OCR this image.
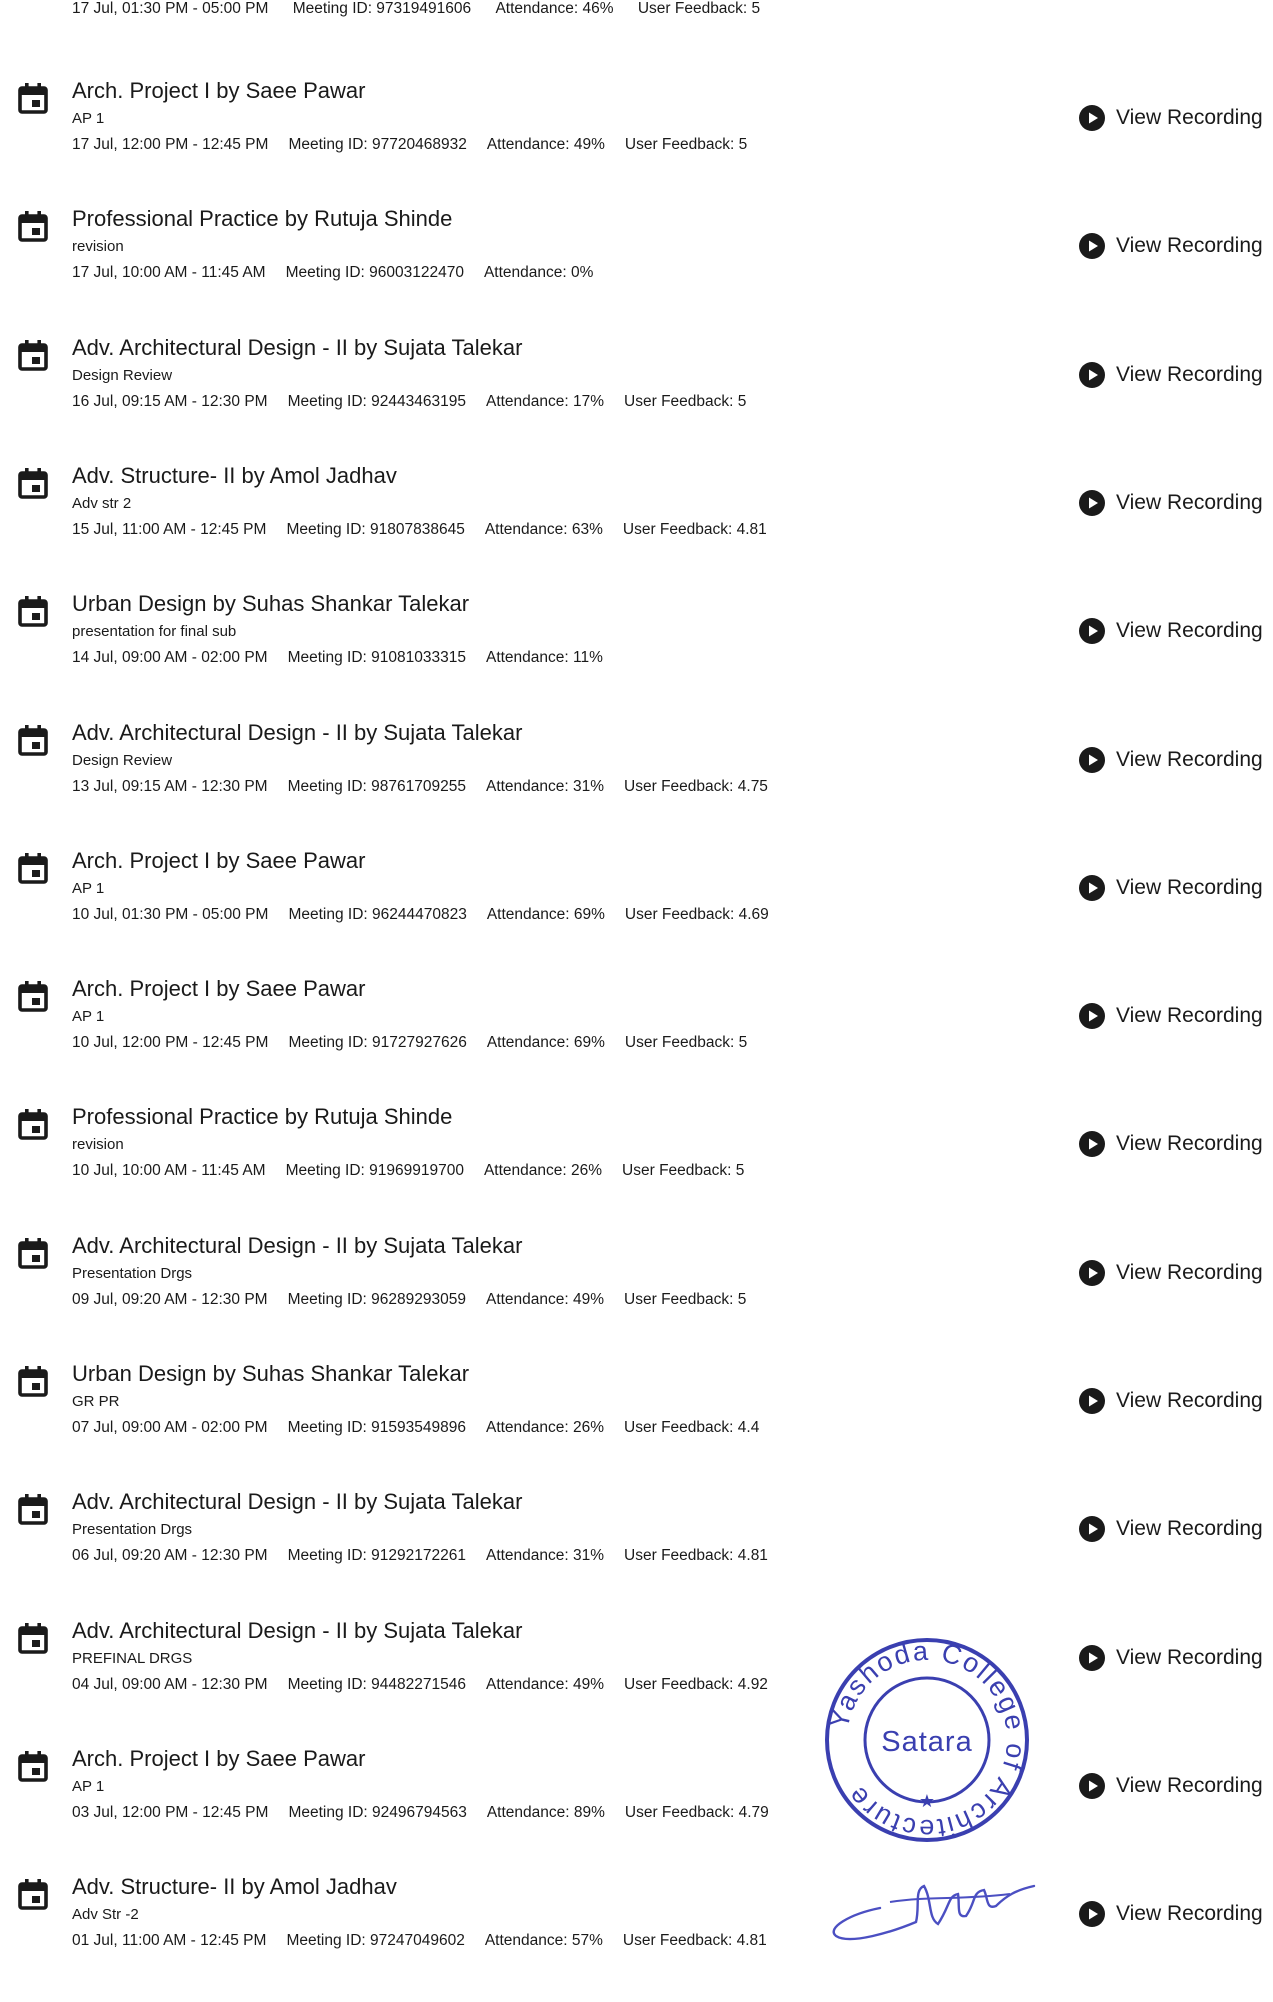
17 Jul, 01:30 PM - 05:00 PM Meeting ID: 97319491606 Attendance: 46% User Feedback: 5
Arch. Project I by Saee Pawar
AP 1
17 Jul, 12:00 PM - 12:45 PM Meeting ID: 97720468932 Attendance: 49% User Feedback: 5
View Recording
Professional Practice by Rutuja Shinde
revision
17 Jul, 10:00 AM - 11:45 AM Meeting ID: 96003122470 Attendance: 0%
View Recording
Adv. Architectural Design - II by Sujata Talekar
Design Review
16 Jul, 09:15 AM - 12:30 PM Meeting ID: 92443463195 Attendance: 17% User Feedback: 5
View Recording
Adv. Structure- II by Amol Jadhav
Adv str 2
15 Jul, 11:00 AM - 12:45 PM Meeting ID: 91807838645 Attendance: 63% User Feedback: 4.81
View Recording
Urban Design by Suhas Shankar Talekar
presentation for final sub
14 Jul, 09:00 AM - 02:00 PM Meeting ID: 91081033315 Attendance: 11%
View Recording
Adv. Architectural Design - II by Sujata Talekar
Design Review
13 Jul, 09:15 AM - 12:30 PM Meeting ID: 98761709255 Attendance: 31% User Feedback: 4.75
View Recording
Arch. Project I by Saee Pawar
AP 1
10 Jul, 01:30 PM - 05:00 PM Meeting ID: 96244470823 Attendance: 69% User Feedback: 4.69
View Recording
Arch. Project I by Saee Pawar
AP 1
10 Jul, 12:00 PM - 12:45 PM Meeting ID: 91727927626 Attendance: 69% User Feedback: 5
View Recording
Professional Practice by Rutuja Shinde
revision
10 Jul, 10:00 AM - 11:45 AM Meeting ID: 91969919700 Attendance: 26% User Feedback: 5
View Recording
Adv. Architectural Design - II by Sujata Talekar
Presentation Drgs
09 Jul, 09:20 AM - 12:30 PM Meeting ID: 96289293059 Attendance: 49% User Feedback: 5
View Recording
Urban Design by Suhas Shankar Talekar
GR PR
07 Jul, 09:00 AM - 02:00 PM Meeting ID: 91593549896 Attendance: 26% User Feedback: 4.4
View Recording
Adv. Architectural Design - II by Sujata Talekar
Presentation Drgs
06 Jul, 09:20 AM - 12:30 PM Meeting ID: 91292172261 Attendance: 31% User Feedback: 4.81
View Recording
Adv. Architectural Design - II by Sujata Talekar
PREFINAL DRGS
04 Jul, 09:00 AM - 12:30 PM Meeting ID: 94482271546 Attendance: 49% User Feedback: 4.92
View Recording
Arch. Project I by Saee Pawar
AP 1
03 Jul, 12:00 PM - 12:45 PM Meeting ID: 92496794563 Attendance: 89% User Feedback: 4.79
View Recording
Adv. Structure- II by Amol Jadhav
Adv Str -2
01 Jul, 11:00 AM - 12:45 PM Meeting ID: 97247049602 Attendance: 57% User Feedback: 4.81
View Recording
Yashoda College of Architecture
Satara
★
